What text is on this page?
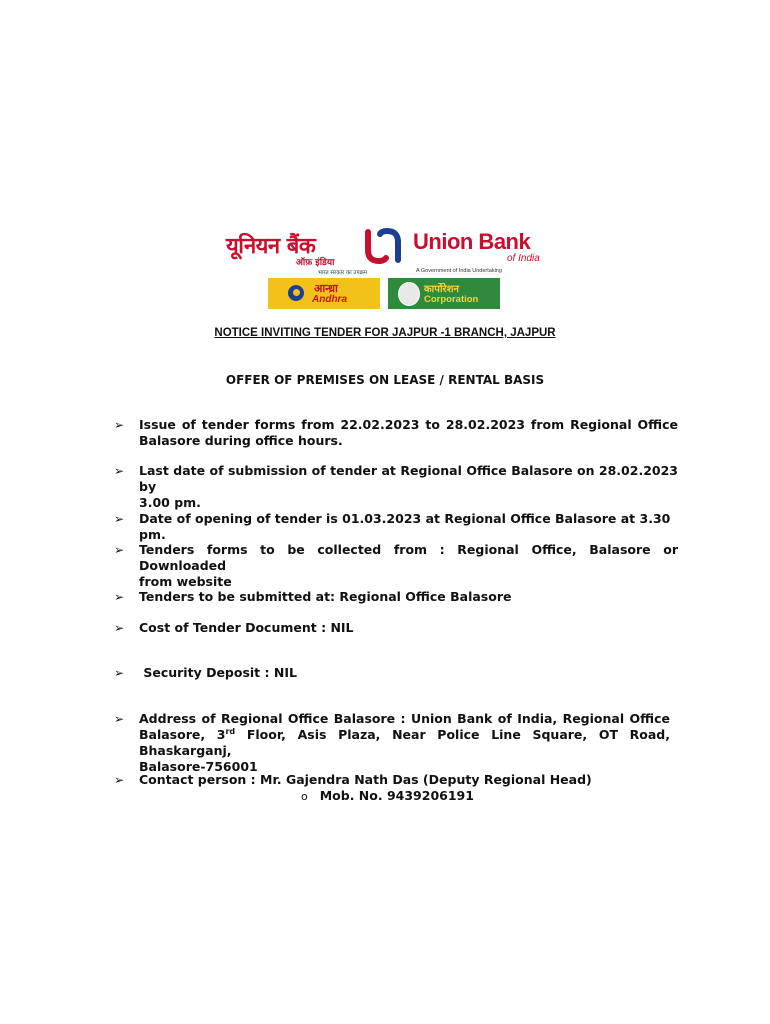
यूनियन बैंक
ऑफ़ इंडिया
Union Bank
of India
भारत सरकार का उपक्रम	A Government of India Undertaking
आन्ध्रा
Andhra
कार्पोरेशन
Corporation
NOTICE INVITING TENDER FOR JAJPUR -1 BRANCH, JAJPUR
OFFER OF PREMISES ON LEASE / RENTAL BASIS
➢ Issue of tender forms from 22.02.2023 to 28.02.2023 from Regional Office
Balasore during office hours.
➢ Last date of submission of tender at Regional Office Balasore on 28.02.2023 by
3.00 pm.
➢ Date of opening of tender is 01.03.2023 at Regional Office Balasore at 3.30 pm.
➢ Tenders forms to be collected from : Regional Office, Balasore or Downloaded
from website
➢ Tenders to be submitted at: Regional Office Balasore
➢ Cost of Tender Document : NIL
➢ Security Deposit : NIL
➢ Address of Regional Office Balasore : Union Bank of India, Regional Office
Balasore, 3rd Floor, Asis Plaza, Near Police Line Square, OT Road, Bhaskarganj,
Balasore-756001
➢ Contact person : Mr. Gajendra Nath Das (Deputy Regional Head)
o Mob. No. 9439206191
